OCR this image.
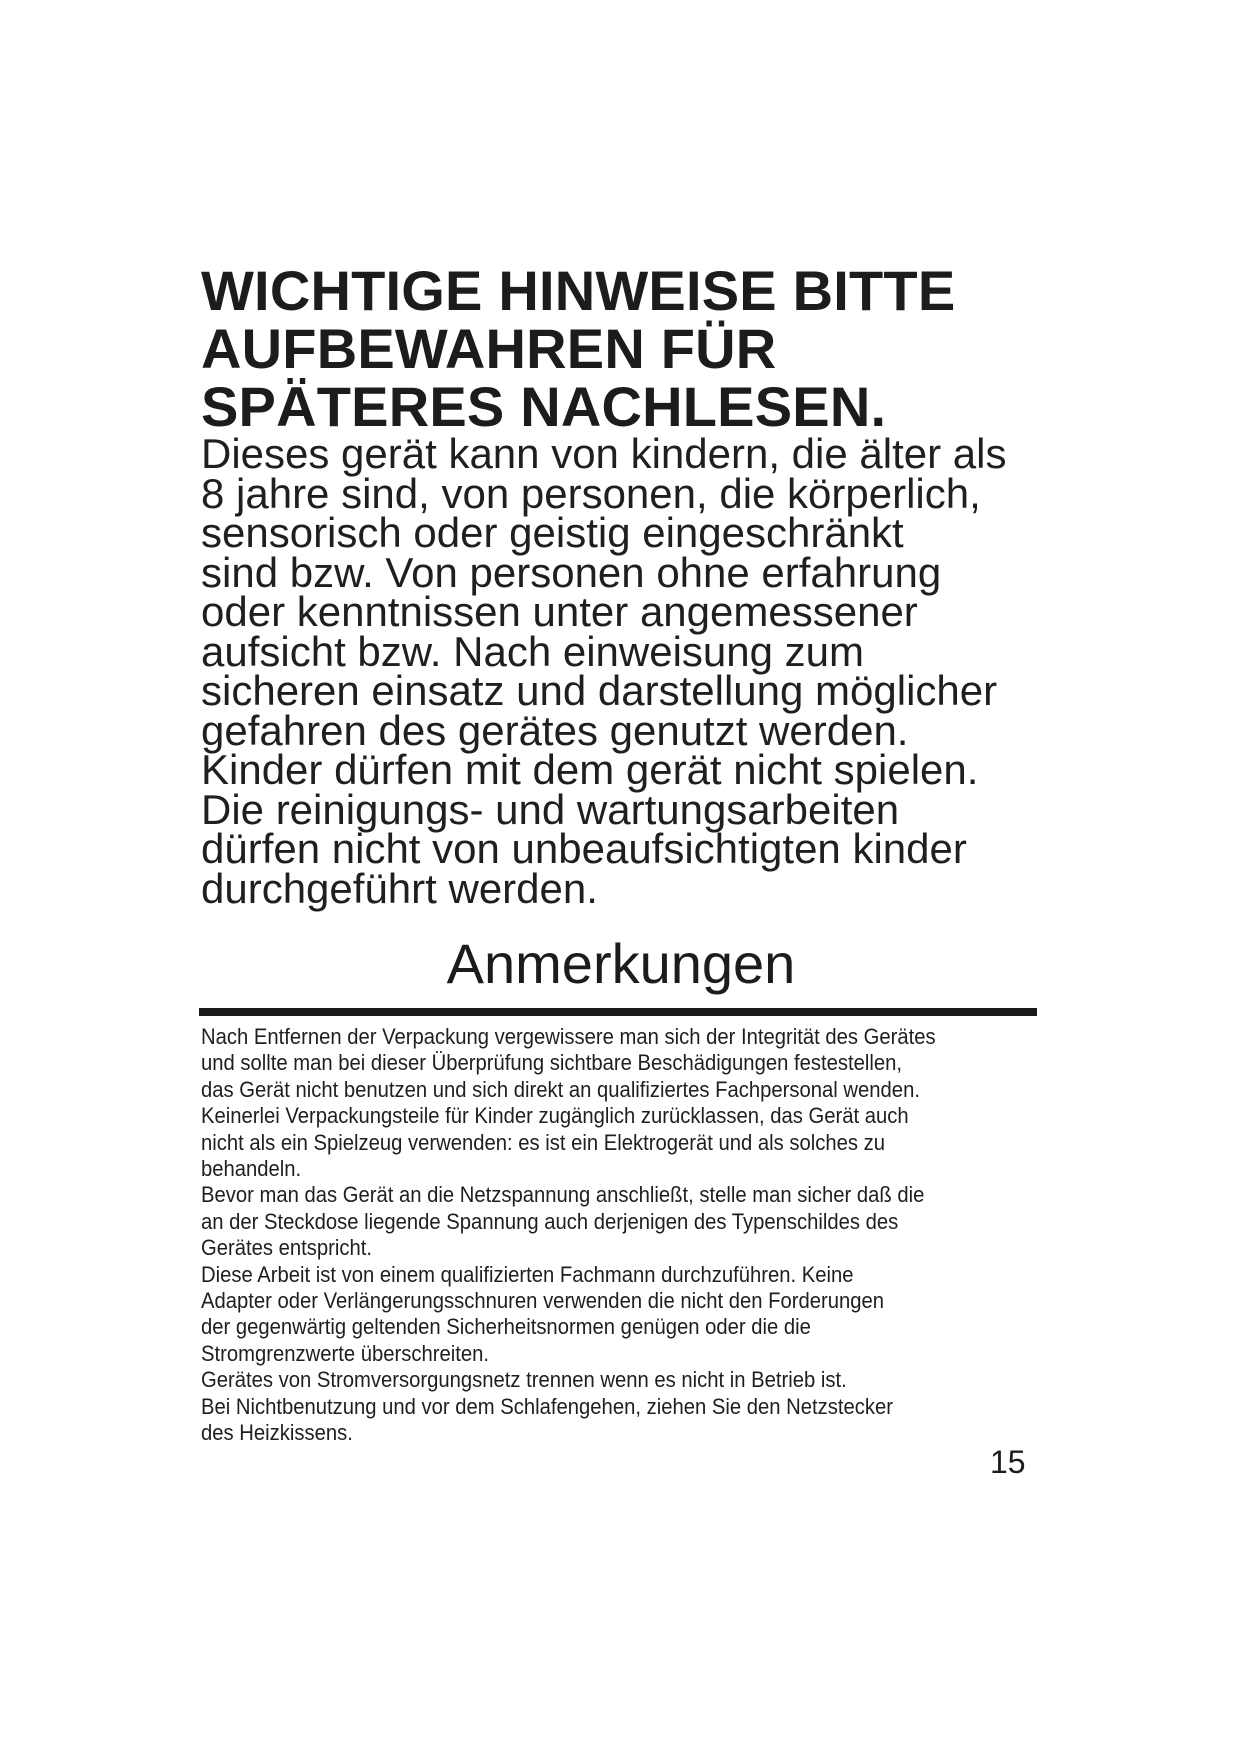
WICHTIGE HINWEISE BITTE
AUFBEWAHREN FÜR
SPÄTERES NACHLESEN.

Dieses gerät kann von kindern, die älter als
8 jahre sind, von personen, die körperlich,
sensorisch oder geistig eingeschränkt
sind bzw. Von personen ohne erfahrung
oder kenntnissen unter angemessener
aufsicht bzw. Nach einweisung zum
sicheren einsatz und darstellung möglicher
gefahren des gerätes genutzt werden.
Kinder dürfen mit dem gerät nicht spielen.
Die reinigungs- und wartungsarbeiten
dürfen nicht von unbeaufsichtigten kinder
durchgeführt werden.

Anmerkungen

Nach Entfernen der Verpackung vergewissere man sich der Integrität des Gerätes
und sollte man bei dieser Überprüfung sichtbare Beschädigungen festestellen,
das Gerät nicht benutzen und sich direkt an qualifiziertes Fachpersonal wenden.
Keinerlei Verpackungsteile für Kinder zugänglich zurücklassen, das Gerät auch
nicht als ein Spielzeug verwenden: es ist ein Elektrogerät und als solches zu
behandeln.
Bevor man das Gerät an die Netzspannung anschließt, stelle man sicher daß die
an der Steckdose liegende Spannung auch derjenigen des Typenschildes des
Gerätes entspricht.
Diese Arbeit ist von einem qualifizierten Fachmann durchzuführen. Keine
Adapter oder Verlängerungsschnuren verwenden die nicht den Forderungen
der gegenwärtig geltenden Sicherheitsnormen genügen oder die die
Stromgrenzwerte überschreiten.
Gerätes von Stromversorgungsnetz trennen wenn es nicht in Betrieb ist.
Bei Nichtbenutzung und vor dem Schlafengehen, ziehen Sie den Netzstecker
des Heizkissens.

15
